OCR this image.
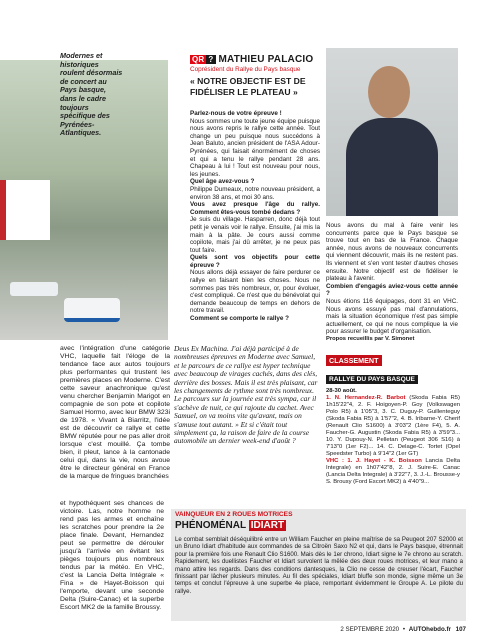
Modernes et historiques roulent désormais de concert au Pays basque, dans le cadre toujours spécifique des Pyrénées-Atlantiques.
QR ? MATHIEU PALACIO
Coprésident du Rallye du Pays basque
« NOTRE OBJECTIF EST DE FIDÉLISER LE PLATEAU »

Parlez-nous de votre épreuve !

Nous sommes une toute jeune équipe puisque nous avons repris le rallye cette année. Tout change un peu puisque nous succédons à Jean Baluto, ancien président de l'ASA Adour-Pyrénées, qui faisait énormément de choses et qui a tenu le rallye pendant 28 ans. Chapeau à lui ! Tout est nouveau pour nous, les jeunes.

Quel âge avez-vous ?

Philippe Dumeaux, notre nouveau président, a environ 38 ans, et moi 30 ans.

Vous avez presque l'âge du rallye. Comment êtes-vous tombé dedans ?

Je suis du village. Hasparren, donc déjà tout petit je venais voir le rallye. Ensuite, j'ai mis la main à la pâte. Je cours aussi comme copilote, mais j'ai dû arrêter, je ne peux pas tout faire.

Quels sont vos objectifs pour cette épreuve ?

Nous allons déjà essayer de faire perdurer ce rallye en faisant bien les choses. Nous ne sommes pas très nombreux, or, pour évoluer, c'est compliqué. Ce n'est que du bénévolat qui demande beaucoup de temps en dehors de notre travail.

Comment se comporte le rallye ?

Nous avons du mal à faire venir les concurrents parce que le Pays basque se trouve tout en bas de la France. Chaque année, nous avons de nouveaux concurrents qui viennent découvrir, mais ils ne restent pas. Ils viennent et s'en vont tester d'autres choses ensuite. Notre objectif est de fidéliser le plateau à l'avenir.

Combien d'engagés aviez-vous cette année ?

Nous étions 116 équipages, dont 31 en VHC. Nous avons essuyé pas mal d'annulations, mais la situation économique n'est pas simple actuellement, ce qui ne nous complique la vie pour assurer le budget d'organisation.

Propos recueillis par V. Simonet

avec l'intégration d'une catégorie VHC, laquelle fait l'éloge de la tendance face aux autos toujours plus performantes qui trustent les premières places en Moderne. C'est cette saveur anachronique qu'est venu chercher Benjamin Marigot en compagnie de son pote et copilote Samuel Hormo, avec leur BMW 323i de 1978. « Vivant à Biarritz, l'idée est de découvrir ce rallye et cette BMW réputée pour ne pas aller droit lorsque c'est mouillé. Ça tombe bien, il pleut, lance à la cantonade celui qui, dans la vie, nous avoue être le directeur général en France de la marque de fringues branchées
Deus Ex Machina. J'ai déjà participé à de nombreuses épreuves en Moderne avec Samuel, et le parcours de ce rallye est hyper technique avec beaucoup de virages cachés, dans des clés, derrière des bosses. Mais il est très plaisant, car les changements de rythme sont très nombreux. Le parcours sur la journée est très sympa, car il s'achève de nuit, ce qui rajoute du cachet. Avec Samuel, on va moins vite qu'avant, mais on s'amuse tout autant. » Et si c'était tout simplement ça, la raison de faire de la course automobile un dernier week-end d'août ?
CLASSEMENT RALLYE DU PAYS BASQUE
28-30 août.
1. N. Hernandez-R. Barbot (Skoda Fabia R5) 1h15'22"4, 2. F. Hoigoyen-P. Goy (Volkswagen Polo R5) à 1'05"3, 3. C. Duguy-P. Guillenteguy (Skoda Fabia R5) à 1'57"2, 4. B. Iribarne-Y. Cherif (Renault Clio S1600) à 3'03"2 (1ère F4), 5. A. Faucher-G. Augustin (Skoda Fabia R5) à 3'59"3... 10. Y. Dupouy-N. Pelletan (Peugeot 306 S16) à 7'13"0 (1er F2)... 14. C. Delage-C. Tortet (Opel Speedster Turbo) à 9'14"2 (1er GT)
VHC : 1. J. Hayet - K. Boisson Lancia Delta Integrale) en 1h07'42"8, 2. J. Suire-E. Canac (Lancia Delta Integrale) à 3'22"7, 3. J.-L. Brousse-y S. Brousy (Ford Escort MK2) à 4'40"9...
et hypothéquent ses chances de victoire. Las, notre homme ne rend pas les armes et enchaîne les scratches pour prendre la 2e place finale. Devant, Hernandez peut se permettre de dérouler jusqu'à l'arrivée en évitant les pièges toujours plus nombreux tendus par la météo. En VHC, c'est la Lancia Delta Intégrale « Fina » de Hayet-Boisson qui l'emporte, devant une seconde Delta (Suire-Canac) et la superbe Escort MK2 de la famille Broussy.
VAINQUEUR EN 2 ROUES MOTRICES
PHÉNOMÉNAL IDIART
Le combat semblait déséquilibré entre un William Faucher en pleine maîtrise de sa Peugeot 207 S2000 et un Bruno Idiart d'habitude aux commandes de sa Citroën Saxo N2 et qui, dans le Pays basque, étrennait pour la première fois une Renault Clio S1600. Mais dès le 1er chrono, Idiart signe le 7e chrono au scratch. Rapidement, les duellistes Faucher et Idiart survolent la mêlée des deux roues motrices, et leur mano a mano attire les regards. Dans des conditions dantesques, la Clio ne cesse de creuser l'écart, Faucher finissant par lâcher plusieurs minutes. Au fil des spéciales, Idiart bluffe son monde, signe même un 3e temps et conclut l'épreuve à une superbe 4e place, remportant évidemment le Groupe A. Le pilote du rallye.
2 SEPTEMBRE 2020 • AUTOhebdo.fr 107
